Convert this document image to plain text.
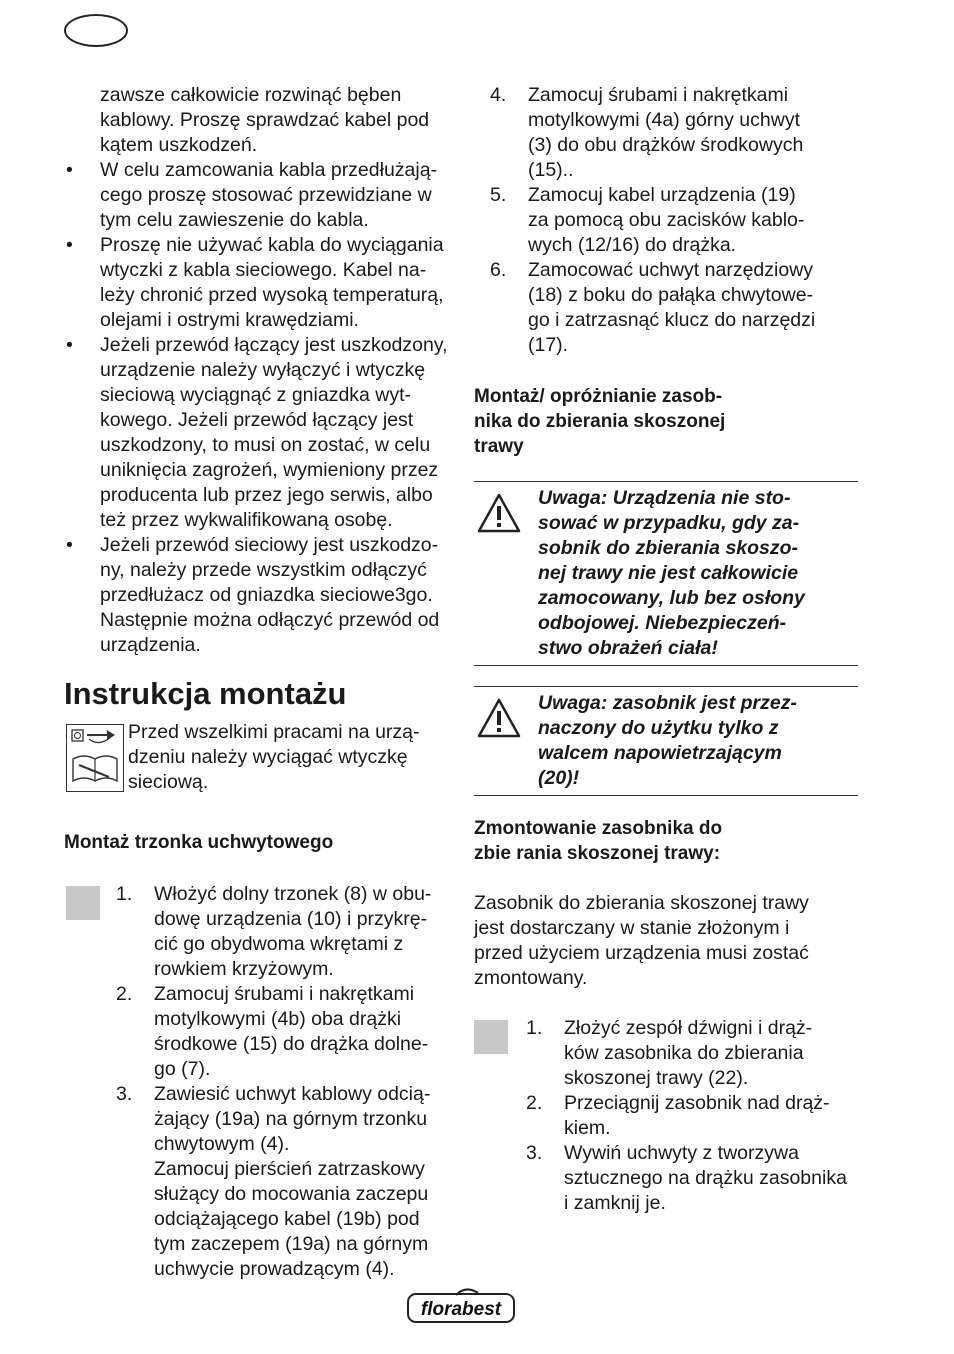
zawsze całkowicie rozwinąć bęben

kablowy. Proszę sprawdzać kabel pod

kątem uszkodzeń.

• W celu zamcowania kabla przedłużają-

cego proszę stosować przewidziane w

tym celu zawieszenie do kabla.

• Proszę nie używać kabla do wyciągania

wtyczki z kabla sieciowego. Kabel na-

leży chronić przed wysoką temperaturą,

olejami i ostrymi krawędziami.

• Jeżeli przewód łączący jest uszkodzony,

urządzenie należy wyłączyć i wtyczkę

sieciową wyciągnąć z gniazdka wyt-

kowego. Jeżeli przewód łączący jest

uszkodzony, to musi on zostać, w celu

uniknięcia zagrożeń, wymieniony przez

producenta lub przez jego serwis, albo

też przez wykwalifikowaną osobę.

• Jeżeli przewód sieciowy jest uszkodzo-

ny, należy przede wszystkim odłączyć

przedłużacz od gniazdka sieciowe3go.

Następnie można odłączyć przewód od

urządzenia.

Instrukcja montażu

Przed wszelkimi pracami na urzą-

dzeniu należy wyciągać wtyczkę

sieciową.

Montaż trzonka uchwytowego
1. Włożyć dolny trzonek (8) w obu-

dowę urządzenia (10) i przykrę-

cić go obydwoma wkrętami z

rowkiem krzyżowym.

2. Zamocuj śrubami i nakrętkami

motylkowymi (4b) oba drążki

środkowe (15) do drążka dolne-

go (7).

3. Zawiesić uchwyt kablowy odcią-

żający (19a) na górnym trzonku

chwytowym (4).

Zamocuj pierścień zatrzaskowy

służący do mocowania zaczepu

odciążającego kabel (19b) pod

tym zaczepem (19a) na górnym

uchwycie prowadzącym (4).

4. Zamocuj śrubami i nakrętkami

motylkowymi (4a) górny uchwyt

(3) do obu drążków środkowych

(15)..

5. Zamocuj kabel urządzenia (19)

za pomocą obu zacisków kablo-

wych (12/16) do drążka.

6. Zamocować uchwyt narzędziowy

(18) z boku do pałąka chwytowe-

go i zatrzasnąć klucz do narzędzi

(17).

Montaż/ opróżnianie zasob-

nika do zbierania skoszonej

trawy

Uwaga: Urządzenia nie sto-

sować w przypadku, gdy za-

sobnik do zbierania skoszo-

nej trawy nie jest całkowicie

zamocowany, lub bez osłony

odbojowej. Niebezpieczeń-

stwo obrażeń ciała!

Uwaga: zasobnik jest przez-

naczony do użytku tylko z

walcem napowietrzającym

(20)!

Zmontowanie zasobnika do

zbie rania skoszonej trawy:

Zasobnik do zbierania skoszonej trawy

jest dostarczany w stanie złożonym i

przed użyciem urządzenia musi zostać

zmontowany.

1. Złożyć zespół dźwigni i drąż-

ków zasobnika do zbierania

skoszonej trawy (22).

2. Przeciągnij zasobnik nad drąż-

kiem.

3. Wywiń uchwyty z tworzywa

sztucznego na drążku zasobnika

i zamknij je.

florabest
